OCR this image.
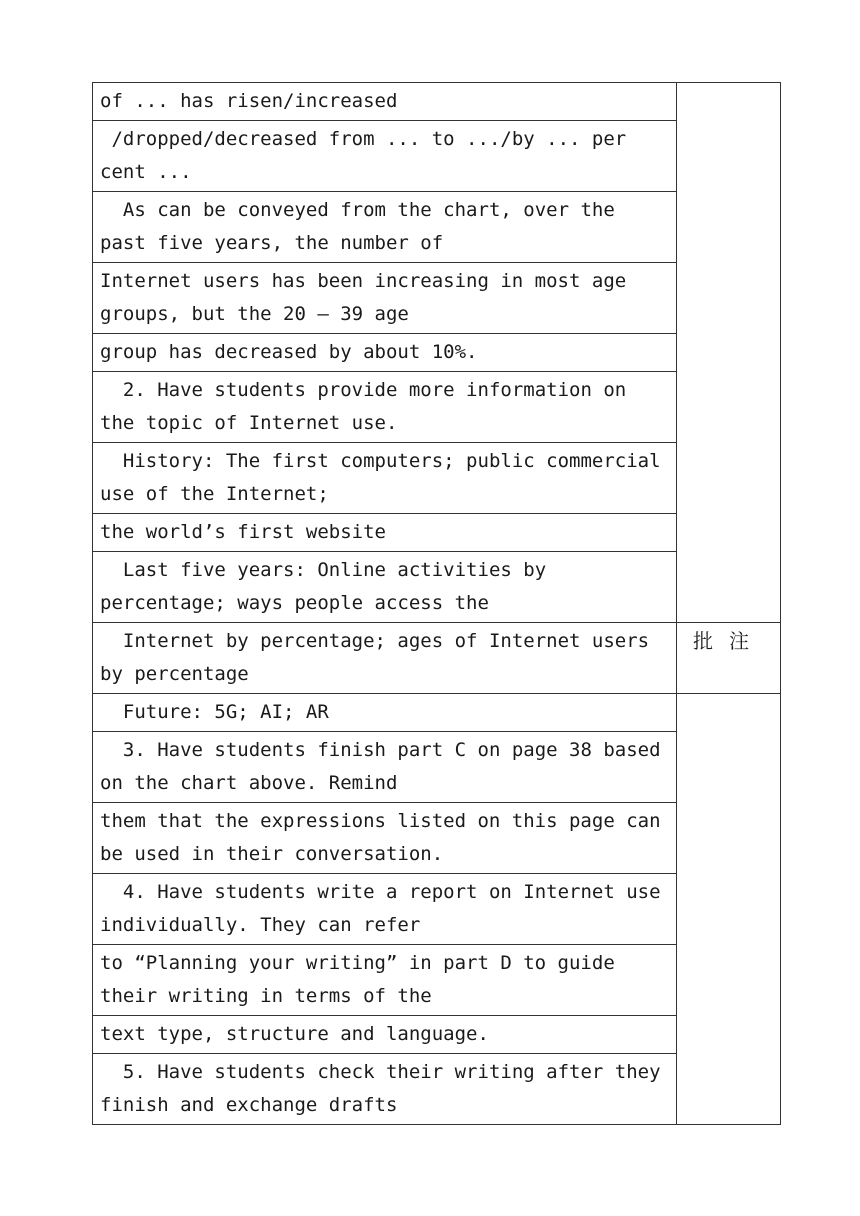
of ... has risen/increased	
/dropped/decreased from ... to .../by ... per cent ...	
As can be conveyed from the chart, over the past five years, the number of	
Internet users has been increasing in most age groups, but the 20 — 39 age	
group has decreased by about 10%.	
2. Have students provide more information on the topic of Internet use.	
History: The first computers; public commercial use of the Internet;	
the world’s first website	
Last five years: Online activities by percentage; ways people access the	
Internet by percentage; ages of Internet users by percentage	批注
Future: 5G; AI; AR	
3. Have students finish part C on page 38 based on the chart above. Remind	
them that the expressions listed on this page can be used in their conversation.	
4. Have students write a report on Internet use individually. They can refer	
to “Planning your writing” in part D to guide their writing in terms of the	
text type, structure and language.	
5. Have students check their writing after they finish and exchange drafts	
